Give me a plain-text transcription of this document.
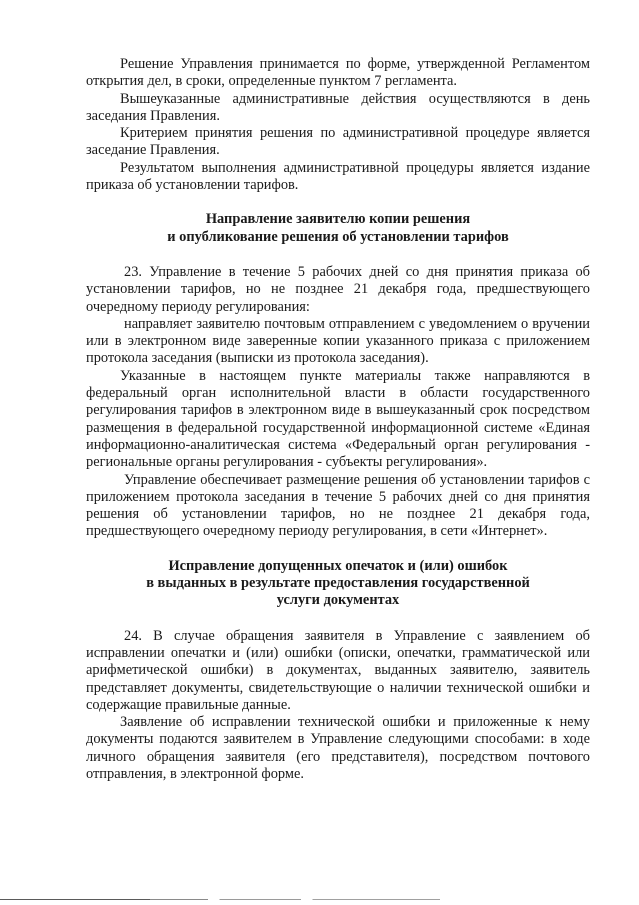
Решение Управления принимается по форме, утвержденной Регламентом открытия дел, в сроки, определенные пунктом 7 регламента.

Вышеуказанные административные действия осуществляются в день заседания Правления.

Критерием принятия решения по административной процедуре является заседание Правления.

Результатом выполнения административной процедуры является издание приказа об установлении тарифов.

Направление заявителю копии решения
и опубликование решения об установлении тарифов

23. Управление в течение 5 рабочих дней со дня принятия приказа об установлении тарифов, но не позднее 21 декабря года, предшествующего очередному периоду регулирования:

направляет заявителю почтовым отправлением с уведомлением о вручении или в электронном виде заверенные копии указанного приказа с приложением протокола заседания (выписки из протокола заседания).

Указанные в настоящем пункте материалы также направляются в федеральный орган исполнительной власти в области государственного регулирования тарифов в электронном виде в вышеуказанный срок посредством размещения в федеральной государственной информационной системе «Единая информационно-аналитическая система «Федеральный орган регулирования - региональные органы регулирования - субъекты регулирования».

Управление обеспечивает размещение решения об установлении тарифов с приложением протокола заседания в течение 5 рабочих дней со дня принятия решения об установлении тарифов, но не позднее 21 декабря года, предшествующего очередному периоду регулирования, в сети «Интернет».

Исправление допущенных опечаток и (или) ошибок
в выданных в результате предоставления государственной
услуги документах

24. В случае обращения заявителя в Управление с заявлением об исправлении опечатки и (или) ошибки (описки, опечатки, грамматической или арифметической ошибки) в документах, выданных заявителю, заявитель представляет документы, свидетельствующие о наличии технической ошибки и содержащие правильные данные.

Заявление об исправлении технической ошибки и приложенные к нему документы подаются заявителем в Управление следующими способами: в ходе личного обращения заявителя (его представителя), посредством почтового отправления, в электронной форме.
